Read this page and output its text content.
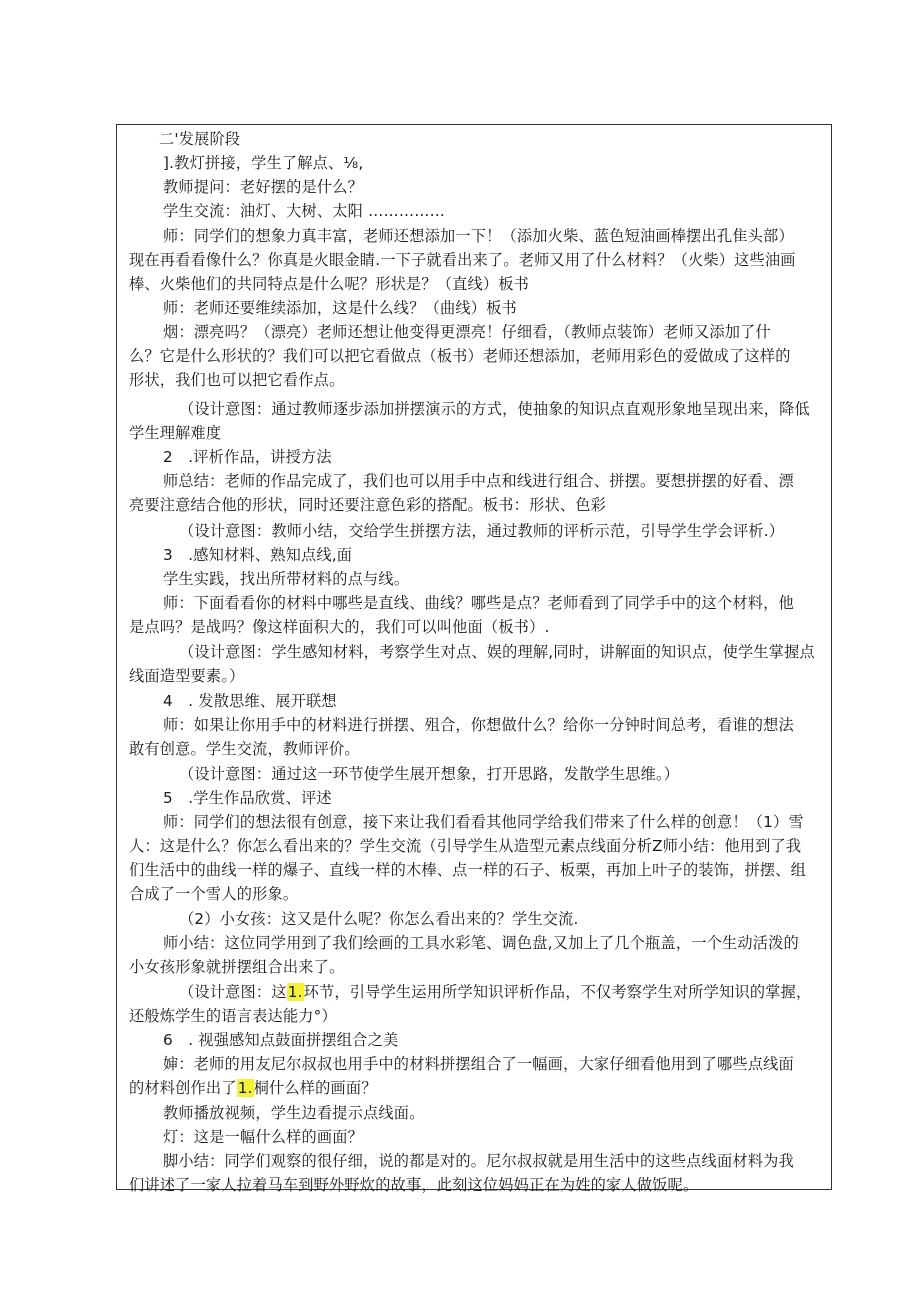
二'发展阶段
].教灯拼接，学生了解点、⅛,
教师提问：老好摆的是什么？
学生交流：油灯、大树、太阳 ……………
师：同学们的想象力真丰富，老师还想添加一下！（添加火柴、蓝色短油画棒摆出孔隹头部）
现在再看看像什么？你真是火眼金睛.一下子就看出来了。老师又用了什么材料？（火柴）这些油画
棒、火柴他们的共同特点是什么呢？形状是？（直线）板书
师：老师还要维续添加，这是什么线？（曲线）板书
烟：漂亮吗？（漂亮）老师还想让他变得更漂亮！仔细看，（教师点装饰）老师又添加了什
么？它是什么形状的？我们可以把它看做点（板书）老师还想添加，老师用彩色的爱做成了这样的
形状，我们也可以把它看作点。
（设计意图：通过教师逐步添加拼摆演示的方式，使抽象的知识点直观形象地呈现出来，降低
学生理解难度
2　.评析作品，讲授方法
师总结：老师的作品完成了，我们也可以用手中点和线进行组合、拼摆。要想拼摆的好看、漂
亮要注意结合他的形状，同时还要注意色彩的搭配。板书：形状、色彩
（设计意图：教师小结，交给学生拼摆方法，通过教师的评析示范，引导学生学会评析.）
3　.感知材料、熟知点线,面
学生实践，找出所带材料的点与线。
师：下面看看你的材料中哪些是直线、曲线？哪些是点？老师看到了同学手中的这个材料，他
是点吗？是战吗？像这样面积大的，我们可以叫他面（板书）.
（设计意图：学生感知材料，考察学生对点、娱的理解,同时，讲解面的知识点，使学生掌握点
线面造型要素。）
4　. 发散思维、展开联想
师：如果让你用手中的材料进行拼摆、殂合，你想做什么？给你一分钟时间总考，看谁的想法
敢有创意。学生交流，教师评价。
（设计意图：通过这一环节使学生展开想象，打开思路，发散学生思维。）
5　.学生作品欣赏、评述
师：同学们的想法很有创意，接下来让我们看看其他同学给我们带来了什么样的创意！（1）雪
人：这是什么？你怎么看出来的？学生交流（引导学生从造型元素点线面分析Z师小结：他用到了我
们生活中的曲线一样的爆子、直线一样的木棒、点一样的石子、板栗，再加上叶子的装饰，拼摆、组
合成了一个雪人的形象。
（2）小女孩：这又是什么呢？你怎么看出来的？学生交流.
师小结：这位同学用到了我们绘画的工具水彩笔、调色盘,又加上了几个瓶盖，一个生动活泼的
小女孩形象就拼摆组合出来了。
（设计意图：这1.环节，引导学生运用所学知识评析作品，不仅考察学生对所学知识的掌握，
还般炼学生的语言表达能力°）
6　. 视强感知点鼓面拼摆组合之美
婶：老师的用友尼尔叔叔也用手中的材料拼摆组合了一幅画，大家仔细看他用到了哪些点线面
的材料创作出了1.桐什么样的画面？
教师播放视频，学生边看提示点线面。
灯：这是一幅什么样的画面？
脚小结：同学们观察的很仔细，说的都是对的。尼尔叔叔就是用生活中的这些点线面材料为我
们讲述了一家人拉着马车到野外野炊的故事，此刻这位妈妈正在为姓的家人做饭呢。
